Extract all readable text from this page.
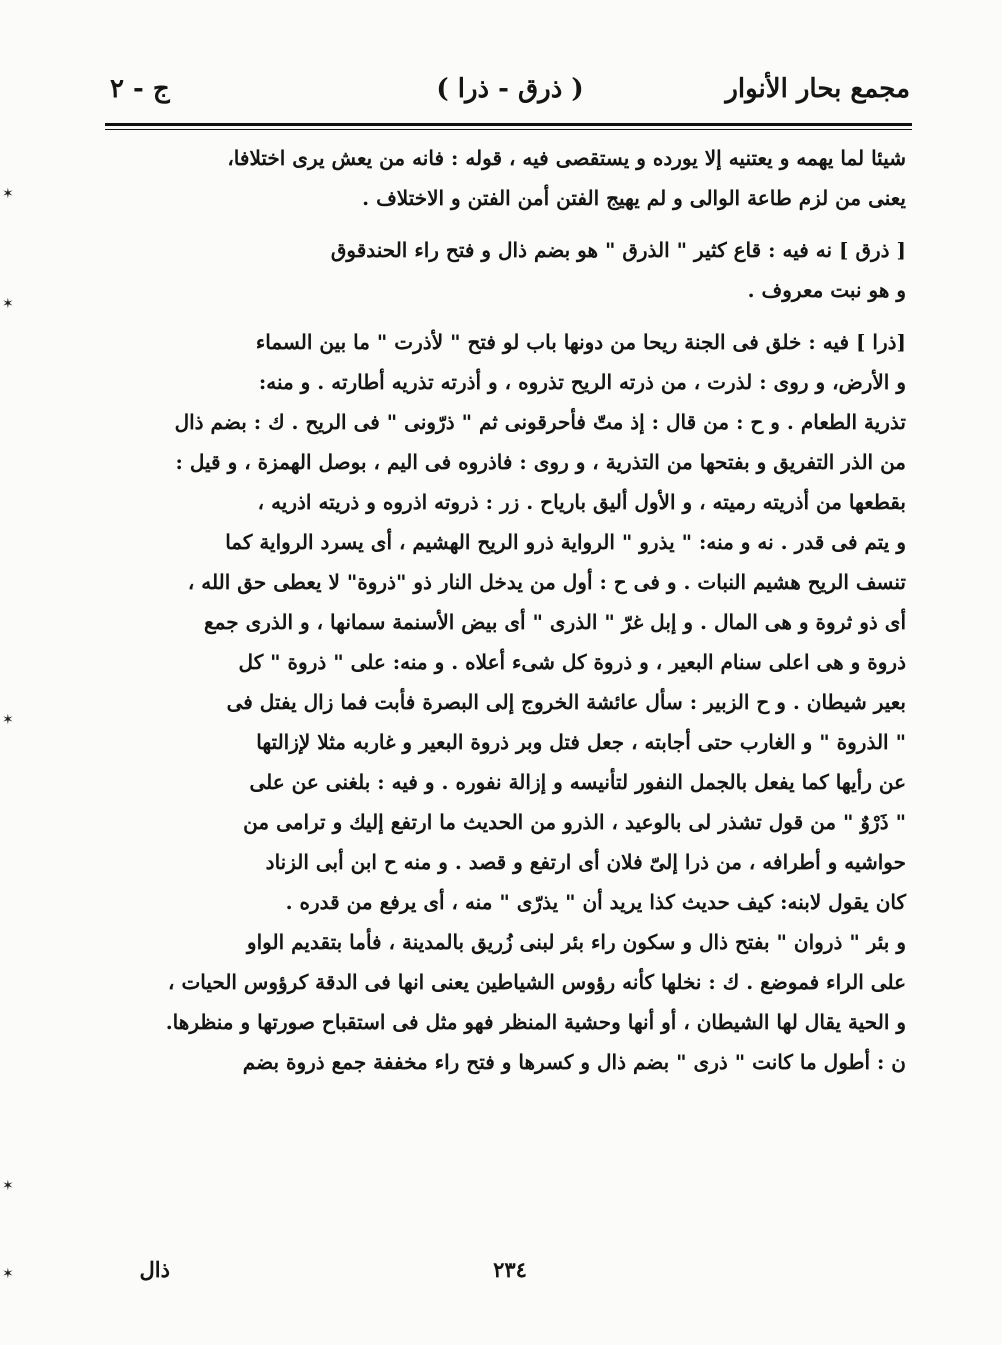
مجمع بحار الأنوار
( ذرق - ذرا )
ج - ٢

شيئا لما يهمه و يعتنيه إلا يورده و يستقصى فيه ، قوله : فانه من يعش يرى اختلافا،

يعنى من لزم طاعة الوالى و لم يهيج الفتن أمن الفتن و الاختلاف .

[ ذرق ] نه فيه : قاع كثير " الذرق " هو بضم ذال و فتح راء الحندقوق

و هو نبت معروف .

[ذرا ] فيه : خلق فى الجنة ريحا من دونها باب لو فتح " لأذرت " ما بين السماء

و الأرض، و روى : لذرت ، من ذرته الريح تذروه ، و أذرته تذريه أطارته . و منه:

تذرية الطعام . و ح : من قال : إذ متّ فأحرقونى ثم " ذرّونى " فى الريح . ك : بضم ذال

من الذر التفريق و بفتحها من التذرية ، و روى : فاذروه فى اليم ، بوصل الهمزة ، و قيل :

بقطعها من أذريته رميته ، و الأول أليق بارياح . زر : ذروته اذروه و ذريته اذريه ،

و يتم فى قدر . نه و منه: " يذرو " الرواية ذرو الريح الهشيم ، أى يسرد الرواية كما

تنسف الريح هشيم النبات . و فى ح : أول من يدخل النار ذو "ذروة" لا يعطى حق الله ،

أى ذو ثروة و هى المال . و إبل غرّ " الذرى " أى بيض الأسنمة سمانها ، و الذرى جمع

ذروة و هى اعلى سنام البعير ، و ذروة كل شىء أعلاه . و منه: على " ذروة " كل

بعير شيطان . و ح الزبير : سأل عائشة الخروج إلى البصرة فأبت فما زال يفتل فى

" الذروة " و الغارب حتى أجابته ، جعل فتل وبر ذروة البعير و غاربه مثلا لإزالتها

عن رأيها كما يفعل بالجمل النفور لتأنيسه و إزالة نفوره . و فيه : بلغنى عن على

" ذَرْوٌ " من قول تشذر لى بالوعيد ، الذرو من الحديث ما ارتفع إليك و ترامى من

حواشيه و أطرافه ، من ذرا إلىّ فلان أى ارتفع و قصد . و منه ح ابن أبى الزناد

كان يقول لابنه: كيف حديث كذا يريد أن " يذرّى " منه ، أى يرفع من قدره .

و بئر " ذروان " بفتح ذال و سكون راء بئر لبنى زُريق بالمدينة ، فأما بتقديم الواو

على الراء فموضع . ك : نخلها كأنه رؤوس الشياطين يعنى انها فى الدقة كرؤوس الحيات ،

و الحية يقال لها الشيطان ، أو أنها وحشية المنظر فهو مثل فى استقباح صورتها و منظرها.

ن : أطول ما كانت " ذرى " بضم ذال و كسرها و فتح راء مخففة جمع ذروة بضم

٢٣٤
ذال
✶
✶
✶
✶
✶
